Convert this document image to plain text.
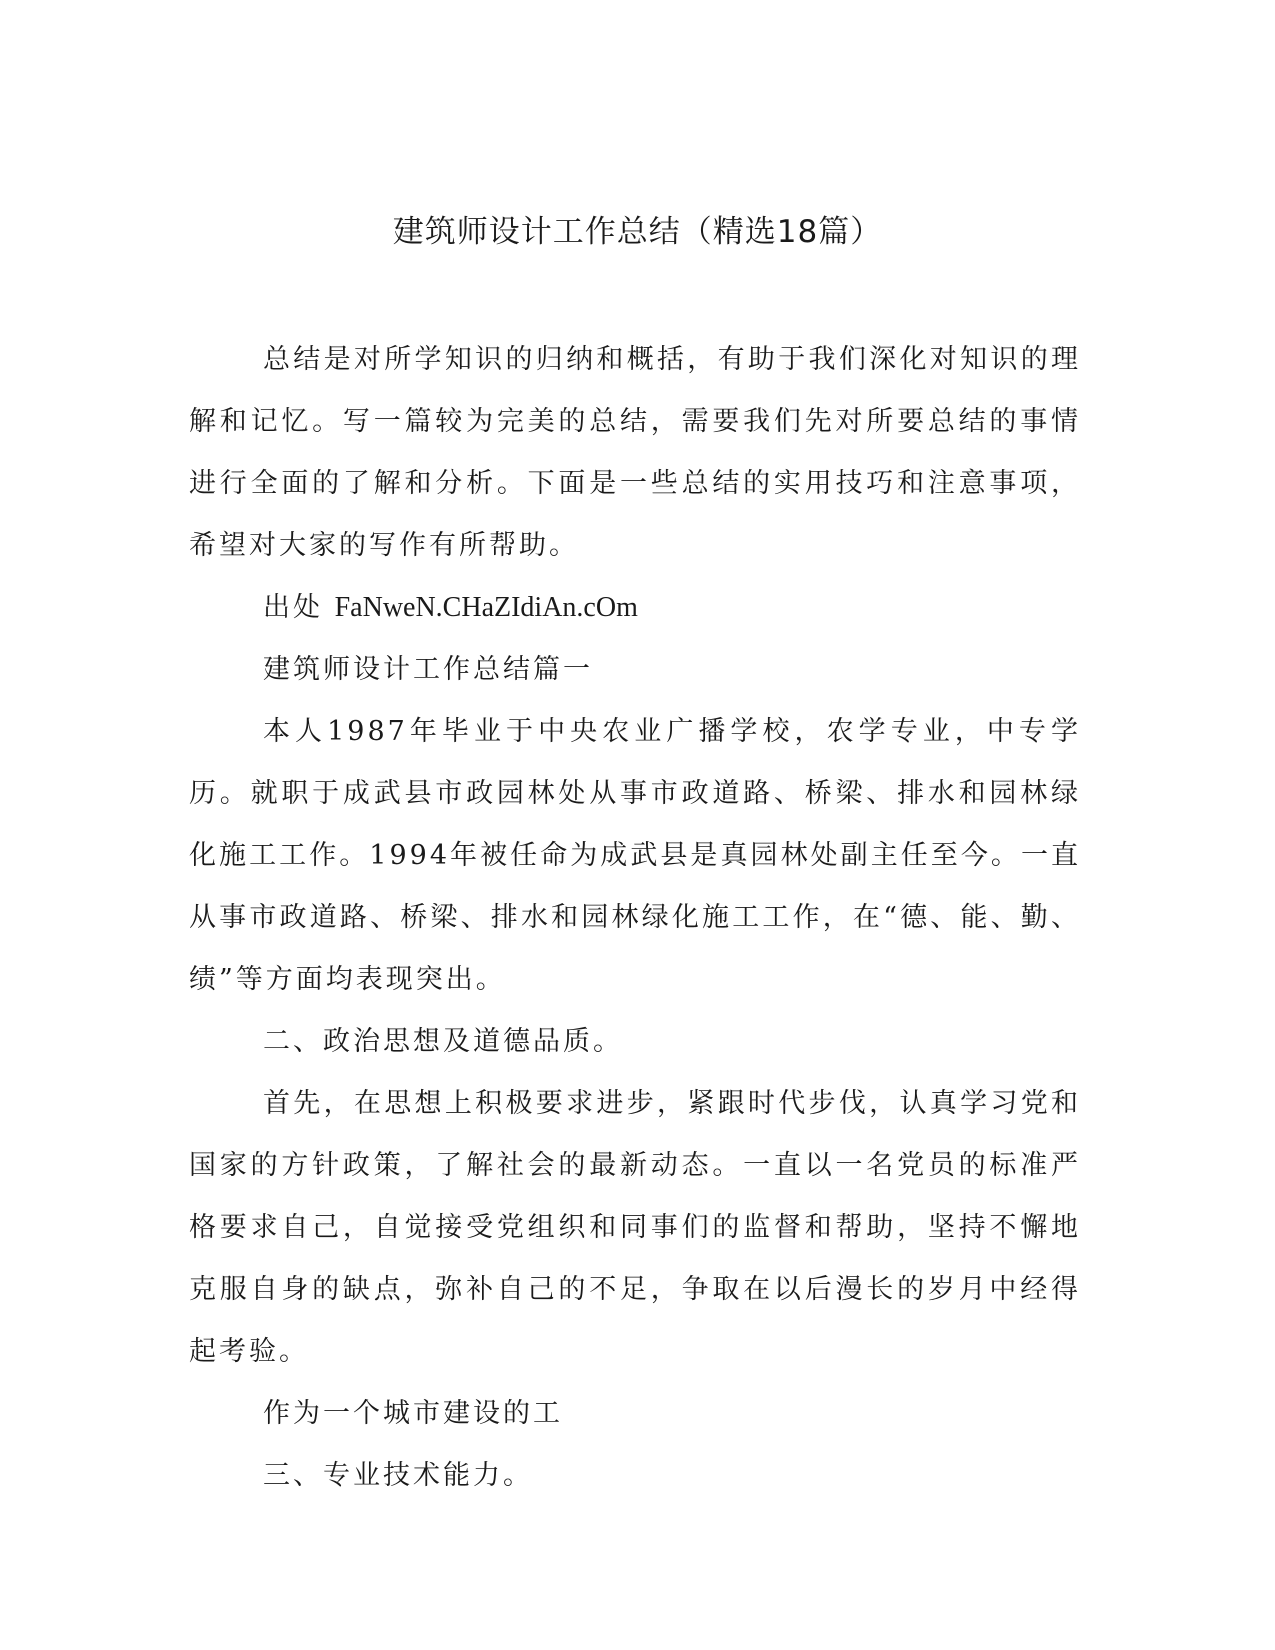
建筑师设计工作总结（精选18篇）

总结是对所学知识的归纳和概括，有助于我们深化对知识的理解和记忆。写一篇较为完美的总结，需要我们先对所要总结的事情进行全面的了解和分析。下面是一些总结的实用技巧和注意事项，希望对大家的写作有所帮助。

出处 FaNweN.CHaZIdiAn.cOm

建筑师设计工作总结篇一

本人1987年毕业于中央农业广播学校，农学专业，中专学历。就职于成武县市政园林处从事市政道路、桥梁、排水和园林绿化施工工作。1994年被任命为成武县是真园林处副主任至今。一直从事市政道路、桥梁、排水和园林绿化施工工作，在“德、能、勤、绩”等方面均表现突出。

二、政治思想及道德品质。

首先，在思想上积极要求进步，紧跟时代步伐，认真学习党和国家的方针政策，了解社会的最新动态。一直以一名党员的标准严格要求自己，自觉接受党组织和同事们的监督和帮助，坚持不懈地克服自身的缺点，弥补自己的不足，争取在以后漫长的岁月中经得起考验。

作为一个城市建设的工

三、专业技术能力。
